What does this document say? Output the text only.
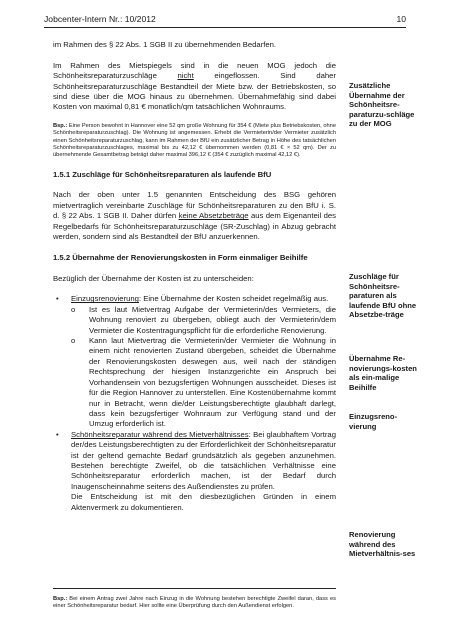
Jobcenter-Intern Nr.: 10/2012	10

im Rahmen des § 22 Abs. 1 SGB II zu übernehmenden Bedarfen.

Im Rahmen des Mietspiegels sind in die neuen MOG jedoch die Schönheitsreparaturzuschläge nicht eingeflossen. Sind daher Schönheitsreparaturzuschläge Bestandteil der Miete bzw. der Betriebskosten, so sind diese über die MOG hinaus zu übernehmen. Übernahmefähig sind dabei Kosten von maximal 0,81 € monatlich/qm tatsächlichen Wohnraums.

Bsp.: Eine Person bewohnt in Hannover eine 52 qm große Wohnung für 354 € (Miete plus Betriebskosten, ohne Schönheitsreparaturzuschlag). Die Wohnung ist angemessen. Erhebt die Vermieterin/der Vermieter zusätzlich einen Schönheitsreparaturzuschlag, kann im Rahmen der BfU ein zusätzlicher Betrag in Höhe des tatsächlichen Schönheitsreparaturzuschlages, maximal bis zu 42,12 € übernommen werden (0,81 € × 52 qm). Der zu übernehmende Gesamtbetrag beträgt daher maximal 396,12 € (354 € zuzüglich maximal 42,12 €).

1.5.1 Zuschläge für Schönheitsreparaturen als laufende BfU

Nach der oben unter 1.5 genannten Entscheidung des BSG gehören mietvertraglich vereinbarte Zuschläge für Schönheitsreparaturen zu den BfU i. S. d. § 22 Abs. 1 SGB II. Daher dürfen keine Absetzbeträge aus dem Eigenanteil des Regelbedarfs für Schönheitsreparaturzuschläge (SR-Zuschlag) in Abzug gebracht werden, sondern sind als Bestandteil der BfU anzuerkennen.

1.5.2 Übernahme der Renovierungskosten in Form einmaliger Beihilfe

Bezüglich der Übernahme der Kosten ist zu unterscheiden:

• Einzugsrenovierung: Eine Übernahme der Kosten scheidet regelmäßig aus.

o Ist es laut Mietvertrag Aufgabe der Vermieterin/des Vermieters, die Wohnung renoviert zu übergeben, obliegt auch der Vermieterin/dem Vermieter die Kostentragungspflicht für die erforderliche Renovierung.

o Kann laut Mietvertrag die Vermieterin/der Vermieter die Wohnung in einem nicht renovierten Zustand übergeben, scheidet die Übernahme der Renovierungskosten deswegen aus, weil nach der ständigen Rechtsprechung der hiesigen Instanzgerichte ein Anspruch bei Vorhandensein von bezugsfertigen Wohnungen ausscheidet. Dieses ist für die Region Hannover zu unterstellen. Eine Kostenübernahme kommt nur in Betracht, wenn die/der Leistungsberechtigte glaubhaft darlegt, dass kein bezugsfertiger Wohnraum zur Verfügung stand und der Umzug erforderlich ist.

• Schönheitsreparatur während des Mietverhältnisses: Bei glaubhaftem Vortrag der/des Leistungsberechtigten zu der Erforderlichkeit der Schönheitsreparatur ist der geltend gemachte Bedarf grundsätzlich als gegeben anzunehmen. Bestehen berechtigte Zweifel, ob die tatsächlichen Verhältnisse eine Schönheitsreparatur erforderlich machen, ist der Bedarf durch Inaugenscheinnahme seitens des Außendienstes zu prüfen.

Die Entscheidung ist mit den diesbezüglichen Gründen in einem Aktenvermerk zu dokumentieren.

Bsp.: Bei einem Antrag zwei Jahre nach Einzug in die Wohnung bestehen berechtigte Zweifel daran, dass es einer Schönheitsreparatur bedarf. Hier sollte eine Überprüfung durch den Außendienst erfolgen.
Zusätzliche Übernahme der Schönheitsre-paraturzu-schläge zu der MOG
Zuschläge für Schönheitsre-paraturen als laufende BfU ohne Absetzbe-träge
Übernahme Re-novierungs-kosten als ein-malige Beihilfe
Einzugsreno-vierung
Renovierung während des Mietverhältnis-ses
